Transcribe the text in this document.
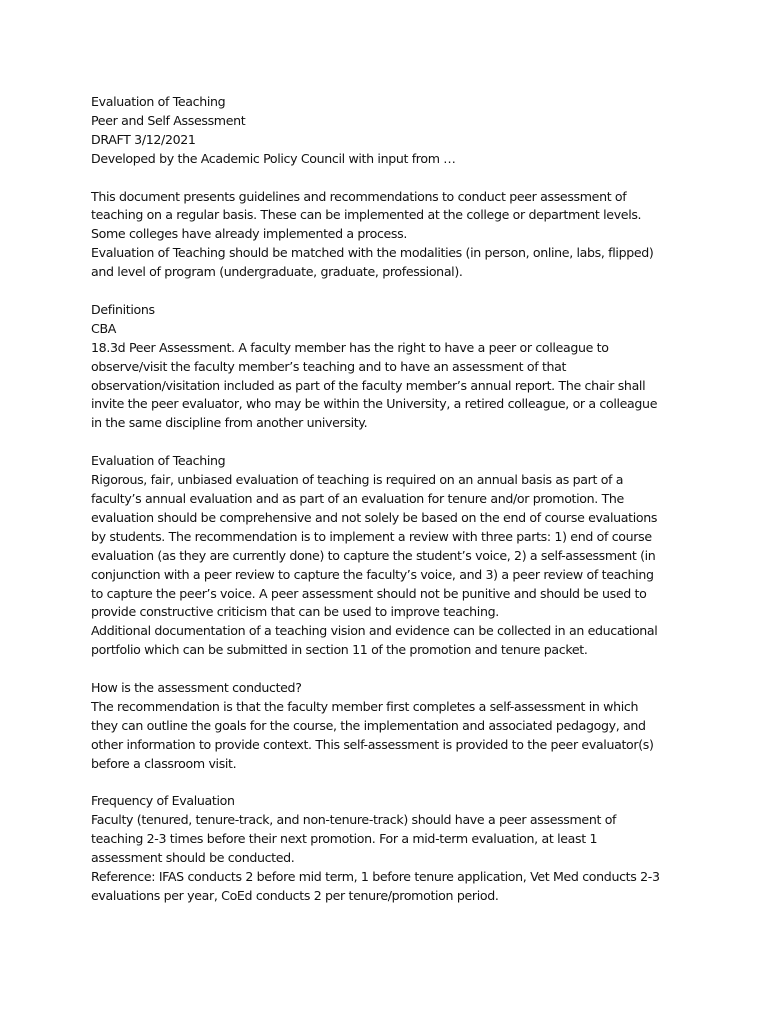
Evaluation of Teaching
Peer and Self Assessment
DRAFT 3/12/2021
Developed by the Academic Policy Council with input from …
This document presents guidelines and recommendations to conduct peer assessment of
teaching on a regular basis. These can be implemented at the college or department levels.
Some colleges have already implemented a process.
Evaluation of Teaching should be matched with the modalities (in person, online, labs, flipped)
and level of program (undergraduate, graduate, professional).
Definitions
CBA
18.3d Peer Assessment. A faculty member has the right to have a peer or colleague to
observe/visit the faculty member’s teaching and to have an assessment of that
observation/visitation included as part of the faculty member’s annual report. The chair shall
invite the peer evaluator, who may be within the University, a retired colleague, or a colleague
in the same discipline from another university.
Evaluation of Teaching
Rigorous, fair, unbiased evaluation of teaching is required on an annual basis as part of a
faculty’s annual evaluation and as part of an evaluation for tenure and/or promotion. The
evaluation should be comprehensive and not solely be based on the end of course evaluations
by students. The recommendation is to implement a review with three parts: 1) end of course
evaluation (as they are currently done) to capture the student’s voice, 2) a self-assessment (in
conjunction with a peer review to capture the faculty’s voice, and 3) a peer review of teaching
to capture the peer’s voice. A peer assessment should not be punitive and should be used to
provide constructive criticism that can be used to improve teaching.
Additional documentation of a teaching vision and evidence can be collected in an educational
portfolio which can be submitted in section 11 of the promotion and tenure packet.
How is the assessment conducted?
The recommendation is that the faculty member first completes a self-assessment in which
they can outline the goals for the course, the implementation and associated pedagogy, and
other information to provide context. This self-assessment is provided to the peer evaluator(s)
before a classroom visit.
Frequency of Evaluation
Faculty (tenured, tenure-track, and non-tenure-track) should have a peer assessment of
teaching 2-3 times before their next promotion. For a mid-term evaluation, at least 1
assessment should be conducted.
Reference: IFAS conducts 2 before mid term, 1 before tenure application, Vet Med conducts 2-3
evaluations per year, CoEd conducts 2 per tenure/promotion period.
